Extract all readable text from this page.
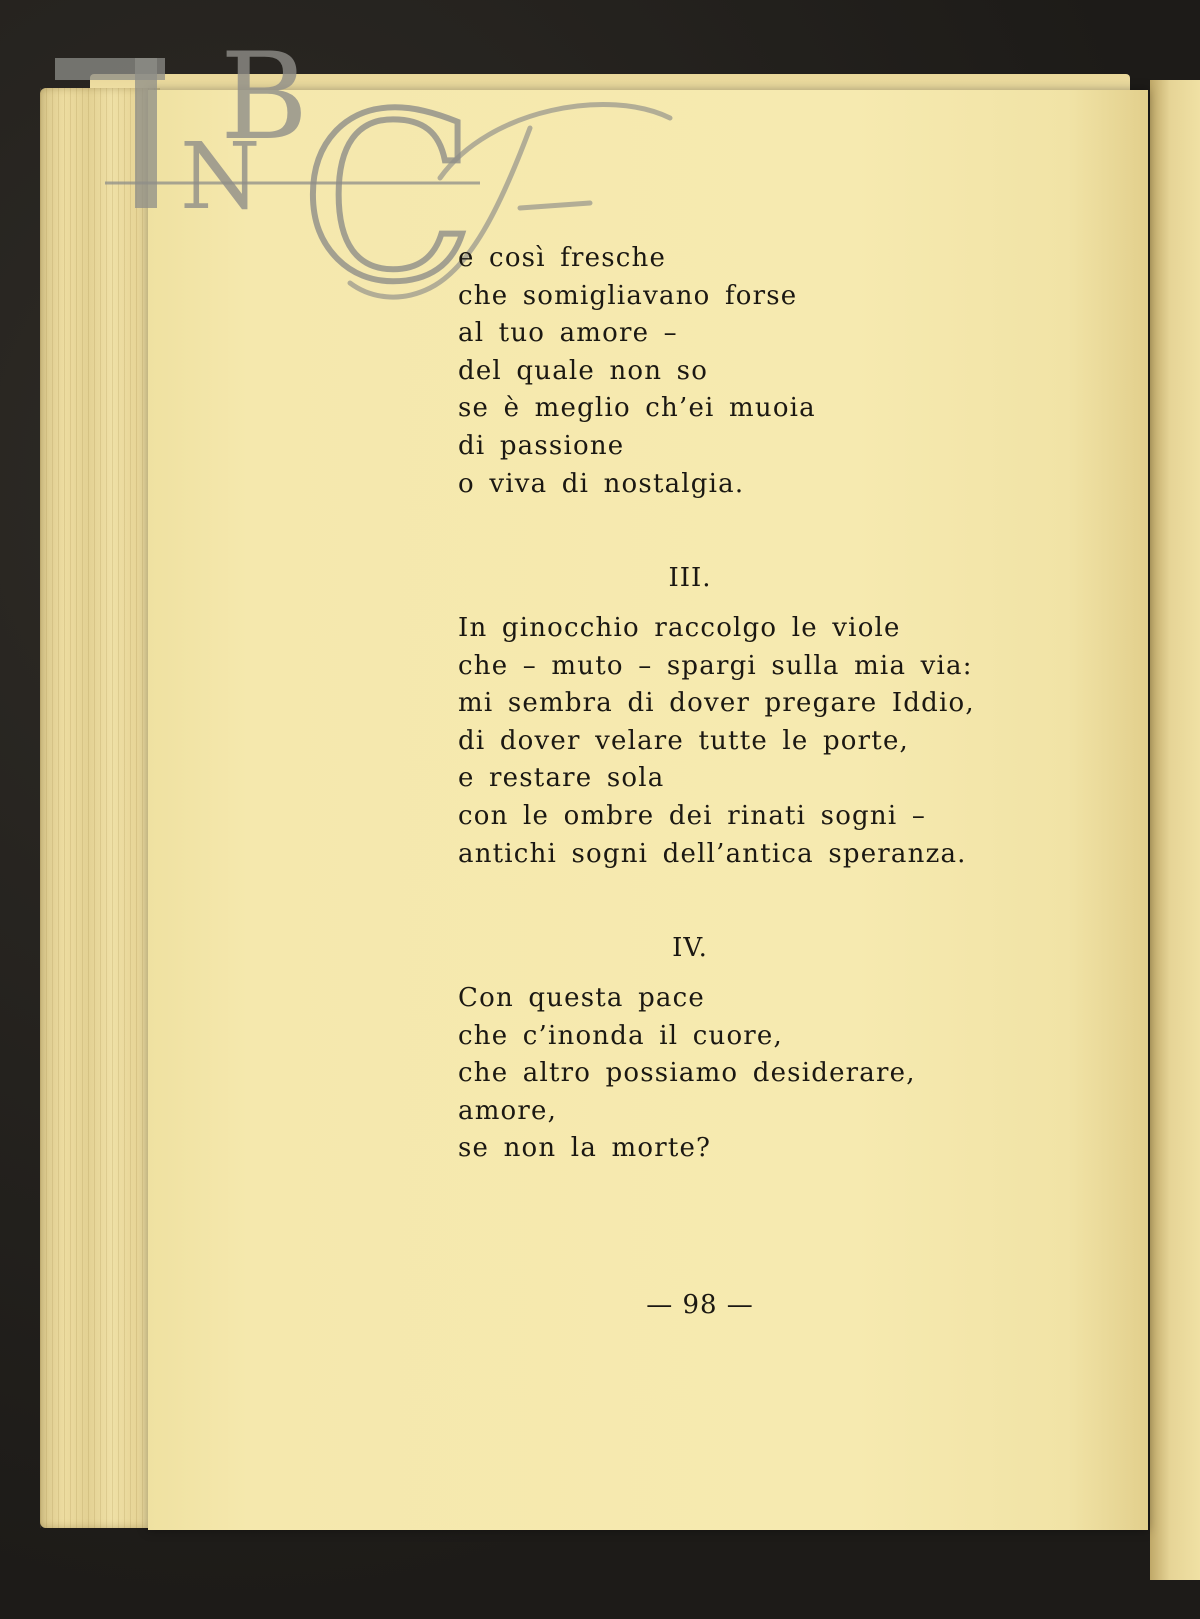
N
B
C
e così fresche
che somigliavano forse
al tuo amore –
del quale non so
se è meglio ch’ei muoia
di passione
o viva di nostalgia.
III.
In ginocchio raccolgo le viole
che – muto – spargi sulla mia via:
mi sembra di dover pregare Iddio,
di dover velare tutte le porte,
e restare sola
con le ombre dei rinati sogni –
antichi sogni dell’antica speranza.
IV.
Con questa pace
che c’inonda il cuore,
che altro possiamo desiderare,
amore,
se non la morte?
— 98 —
